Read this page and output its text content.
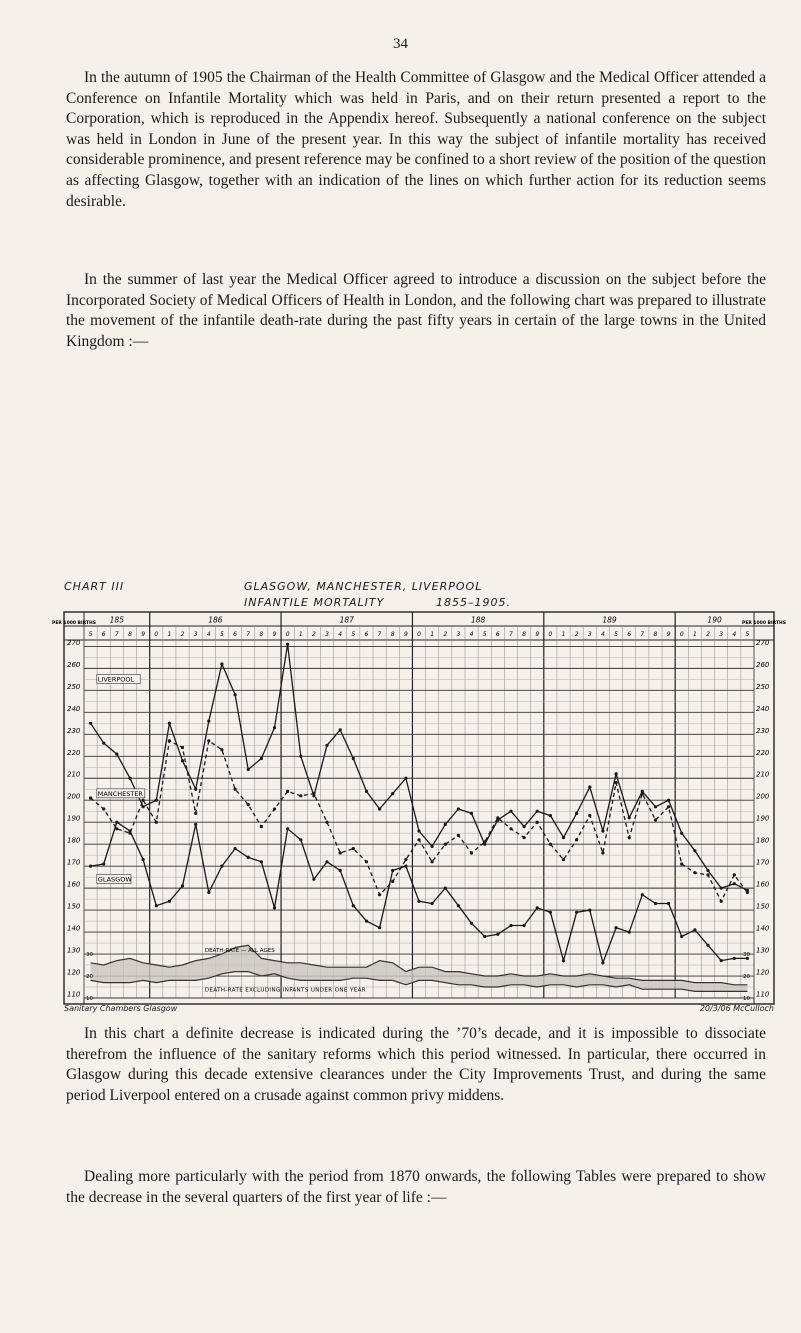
34

In the autumn of 1905 the Chairman of the Health Committee of Glasgow and the Medical Officer attended a Conference on Infantile Mortality which was held in Paris, and on their return presented a report to the Corporation, which is reproduced in the Appendix hereof. Subsequently a national conference on the subject was held in London in June of the present year. In this way the subject of infantile mortality has received considerable prominence, and present reference may be confined to a short review of the position of the question as affecting Glasgow, together with an indication of the lines on which further action for its reduction seems desirable.

In the summer of last year the Medical Officer agreed to introduce a discussion on the subject before the Incorporated Society of Medical Officers of Health in London, and the following chart was prepared to illustrate the movement of the infantile death-rate during the past fifty years in certain of the large towns in the United Kingdom :—

CHART III	GLASGOW, MANCHESTER, LIVERPOOL
INFANTILE MORTALITY	1855–1905.
PER 1000 BIRTHS	PER 1000 BIRTHS
185	186	187	188	189	190
5 6 7 8 9 0 1 2 3 4 5 6 7 8 9 0 1 2 3 4 5 6 7 8 9 0 1 2 3 4 5 6 7 8 9 0 1 2 3 4 5 6 7 8 9 0 1 2 3 4 5
270	270
260	260
250	250
240	240
230	230
220	220
210	210
200	200
190	190
180	180
170	170
160	160
150	150
140	140
130	130
120	120
110	110
LIVERPOOL
MANCHESTER
GLASGOW
DEATH-RATE — ALL AGES
DEATH-RATE EXCLUDING INFANTS UNDER ONE YEAR
30
20
10
30
20
10
Sanitary Chambers Glasgow	20/3/06 McCulloch

In this chart a definite decrease is indicated during the ’70’s decade, and it is impossible to dissociate therefrom the influence of the sanitary reforms which this period witnessed. In particular, there occurred in Glasgow during this decade extensive clearances under the City Improvements Trust, and during the same period Liverpool entered on a crusade against common privy middens.

Dealing more particularly with the period from 1870 onwards, the following Tables were prepared to show the decrease in the several quarters of the first year of life :—
